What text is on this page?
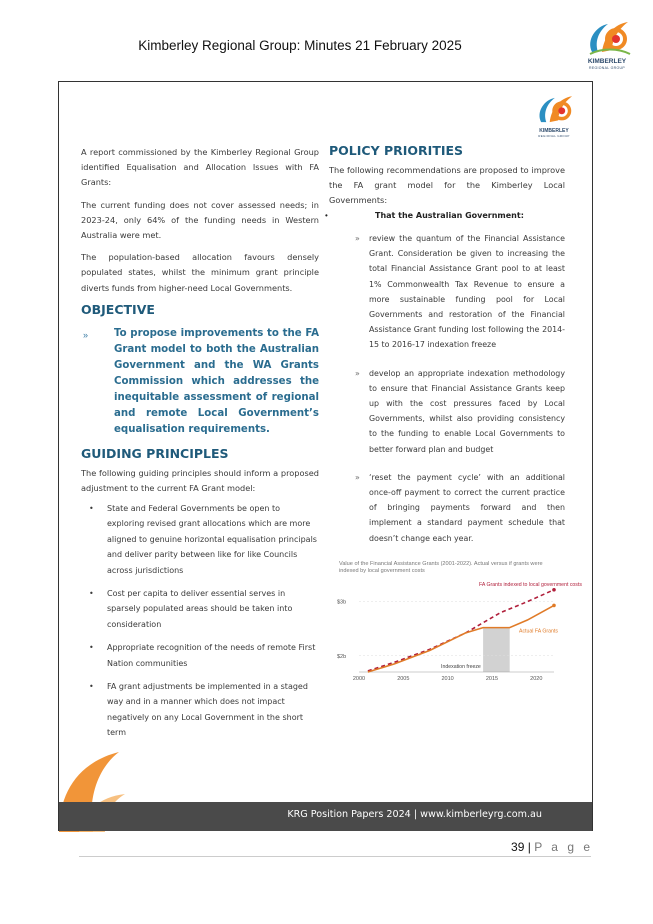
Kimberley Regional Group: Minutes 21 February 2025
KIMBERLEY
REGIONAL GROUP
KIMBERLEY
REGIONAL GROUP

A report commissioned by the Kimberley Regional Group identified Equalisation and Allocation Issues with FA Grants:

The current funding does not cover assessed needs; in 2023-24, only 64% of the funding needs in Western Australia were met.

The population-based allocation favours densely populated states, whilst the minimum grant principle diverts funds from higher-need Local Governments.

OBJECTIVE
»	To propose improvements to the FA Grant model to both the Australian Government and the WA Grants Commission which addresses the inequitable assessment of regional and remote Local Government’s equalisation requirements.
GUIDING PRINCIPLES

The following guiding principles should inform a proposed adjustment to the current FA Grant model:

• State and Federal Governments be open to exploring revised grant allocations which are more aligned to genuine horizontal equalisation principals and deliver parity between like for like Councils across jurisdictions
• Cost per capita to deliver essential serves in sparsely populated areas should be taken into consideration
• Appropriate recognition of the needs of remote First Nation communities
• FA grant adjustments be implemented in a staged way and in a manner which does not impact negatively on any Local Government in the short term
POLICY PRIORITIES

The following recommendations are proposed to improve the FA grant model for the Kimberley Local Governments:

•	That the Australian Government:
» review the quantum of the Financial Assistance Grant. Consideration be given to increasing the total Financial Assistance Grant pool to at least 1% Commonwealth Tax Revenue to ensure a more sustainable funding pool for Local Governments and restoration of the Financial Assistance Grant funding lost following the 2014-15 to 2016-17 indexation freeze
» develop an appropriate indexation methodology to ensure that Financial Assistance Grants keep up with the cost pressures faced by Local Governments, whilst also providing consistency to the funding to enable Local Governments to better forward plan and budget
» ‘reset the payment cycle’ with an additional once-off payment to correct the current practice of bringing payments forward and then implement a standard payment schedule that doesn’t change each year.
Value of the Financial Assistance Grants (2001-2022). Actual versus if grants were indexed by local government costs
$2b
$3b
2000	2005	2010	2015	2020
FA Grants indexed to local government costs
Actual FA Grants
Indexation freeze
KRG Position Papers 2024 | www.kimberleyrg.com.au
39 | P a g e
